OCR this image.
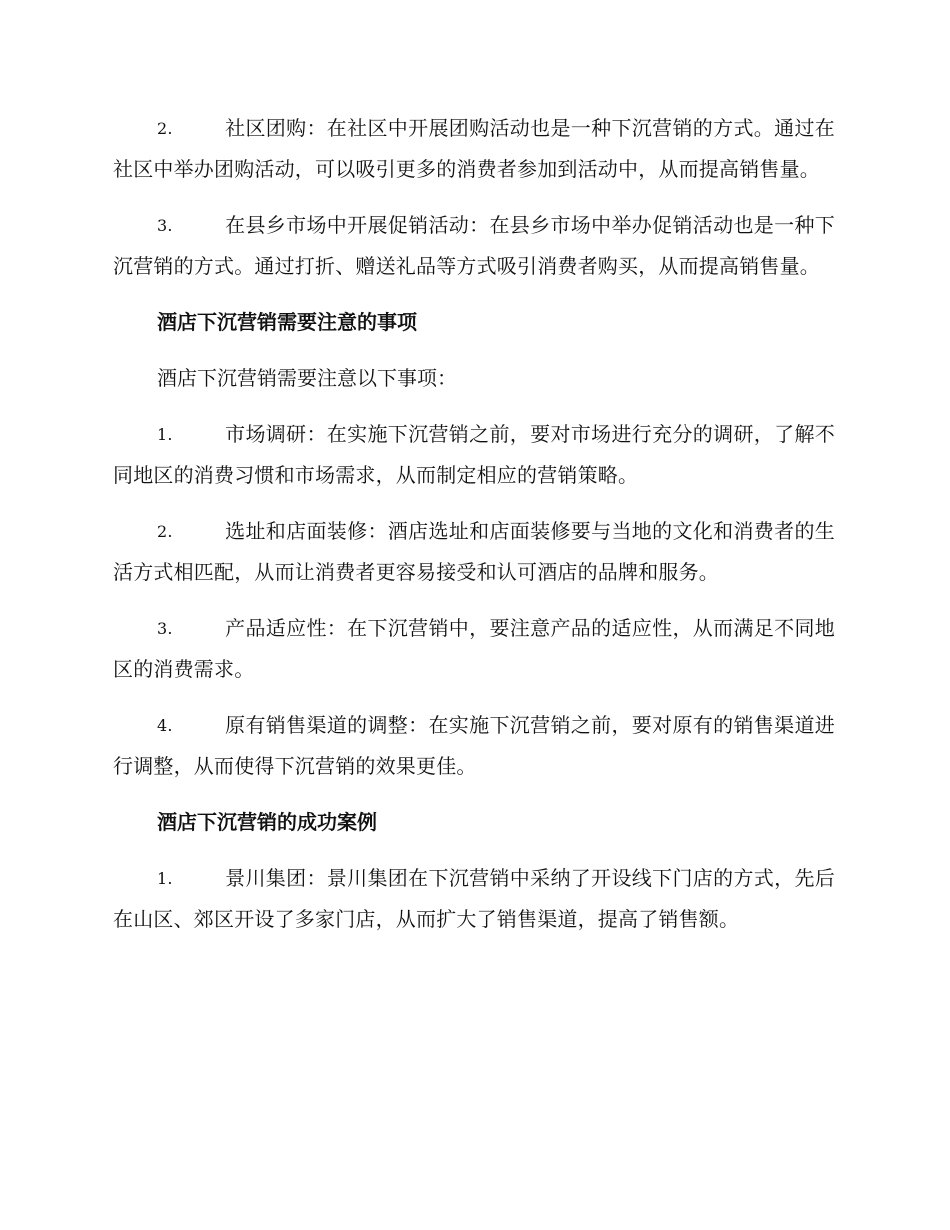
2.	社区团购：在社区中开展团购活动也是一种下沉营销的方式。通过在社区中举办团购活动，可以吸引更多的消费者参加到活动中，从而提高销售量。

3.	在县乡市场中开展促销活动：在县乡市场中举办促销活动也是一种下沉营销的方式。通过打折、赠送礼品等方式吸引消费者购买，从而提高销售量。

酒店下沉营销需要注意的事项

酒店下沉营销需要注意以下事项：

1.	市场调研：在实施下沉营销之前，要对市场进行充分的调研，了解不同地区的消费习惯和市场需求，从而制定相应的营销策略。

2.	选址和店面装修：酒店选址和店面装修要与当地的文化和消费者的生活方式相匹配，从而让消费者更容易接受和认可酒店的品牌和服务。

3.	产品适应性：在下沉营销中，要注意产品的适应性，从而满足不同地区的消费需求。

4.	原有销售渠道的调整：在实施下沉营销之前，要对原有的销售渠道进行调整，从而使得下沉营销的效果更佳。

酒店下沉营销的成功案例

1.	景川集团：景川集团在下沉营销中采纳了开设线下门店的方式，先后在山区、郊区开设了多家门店，从而扩大了销售渠道，提高了销售额。
